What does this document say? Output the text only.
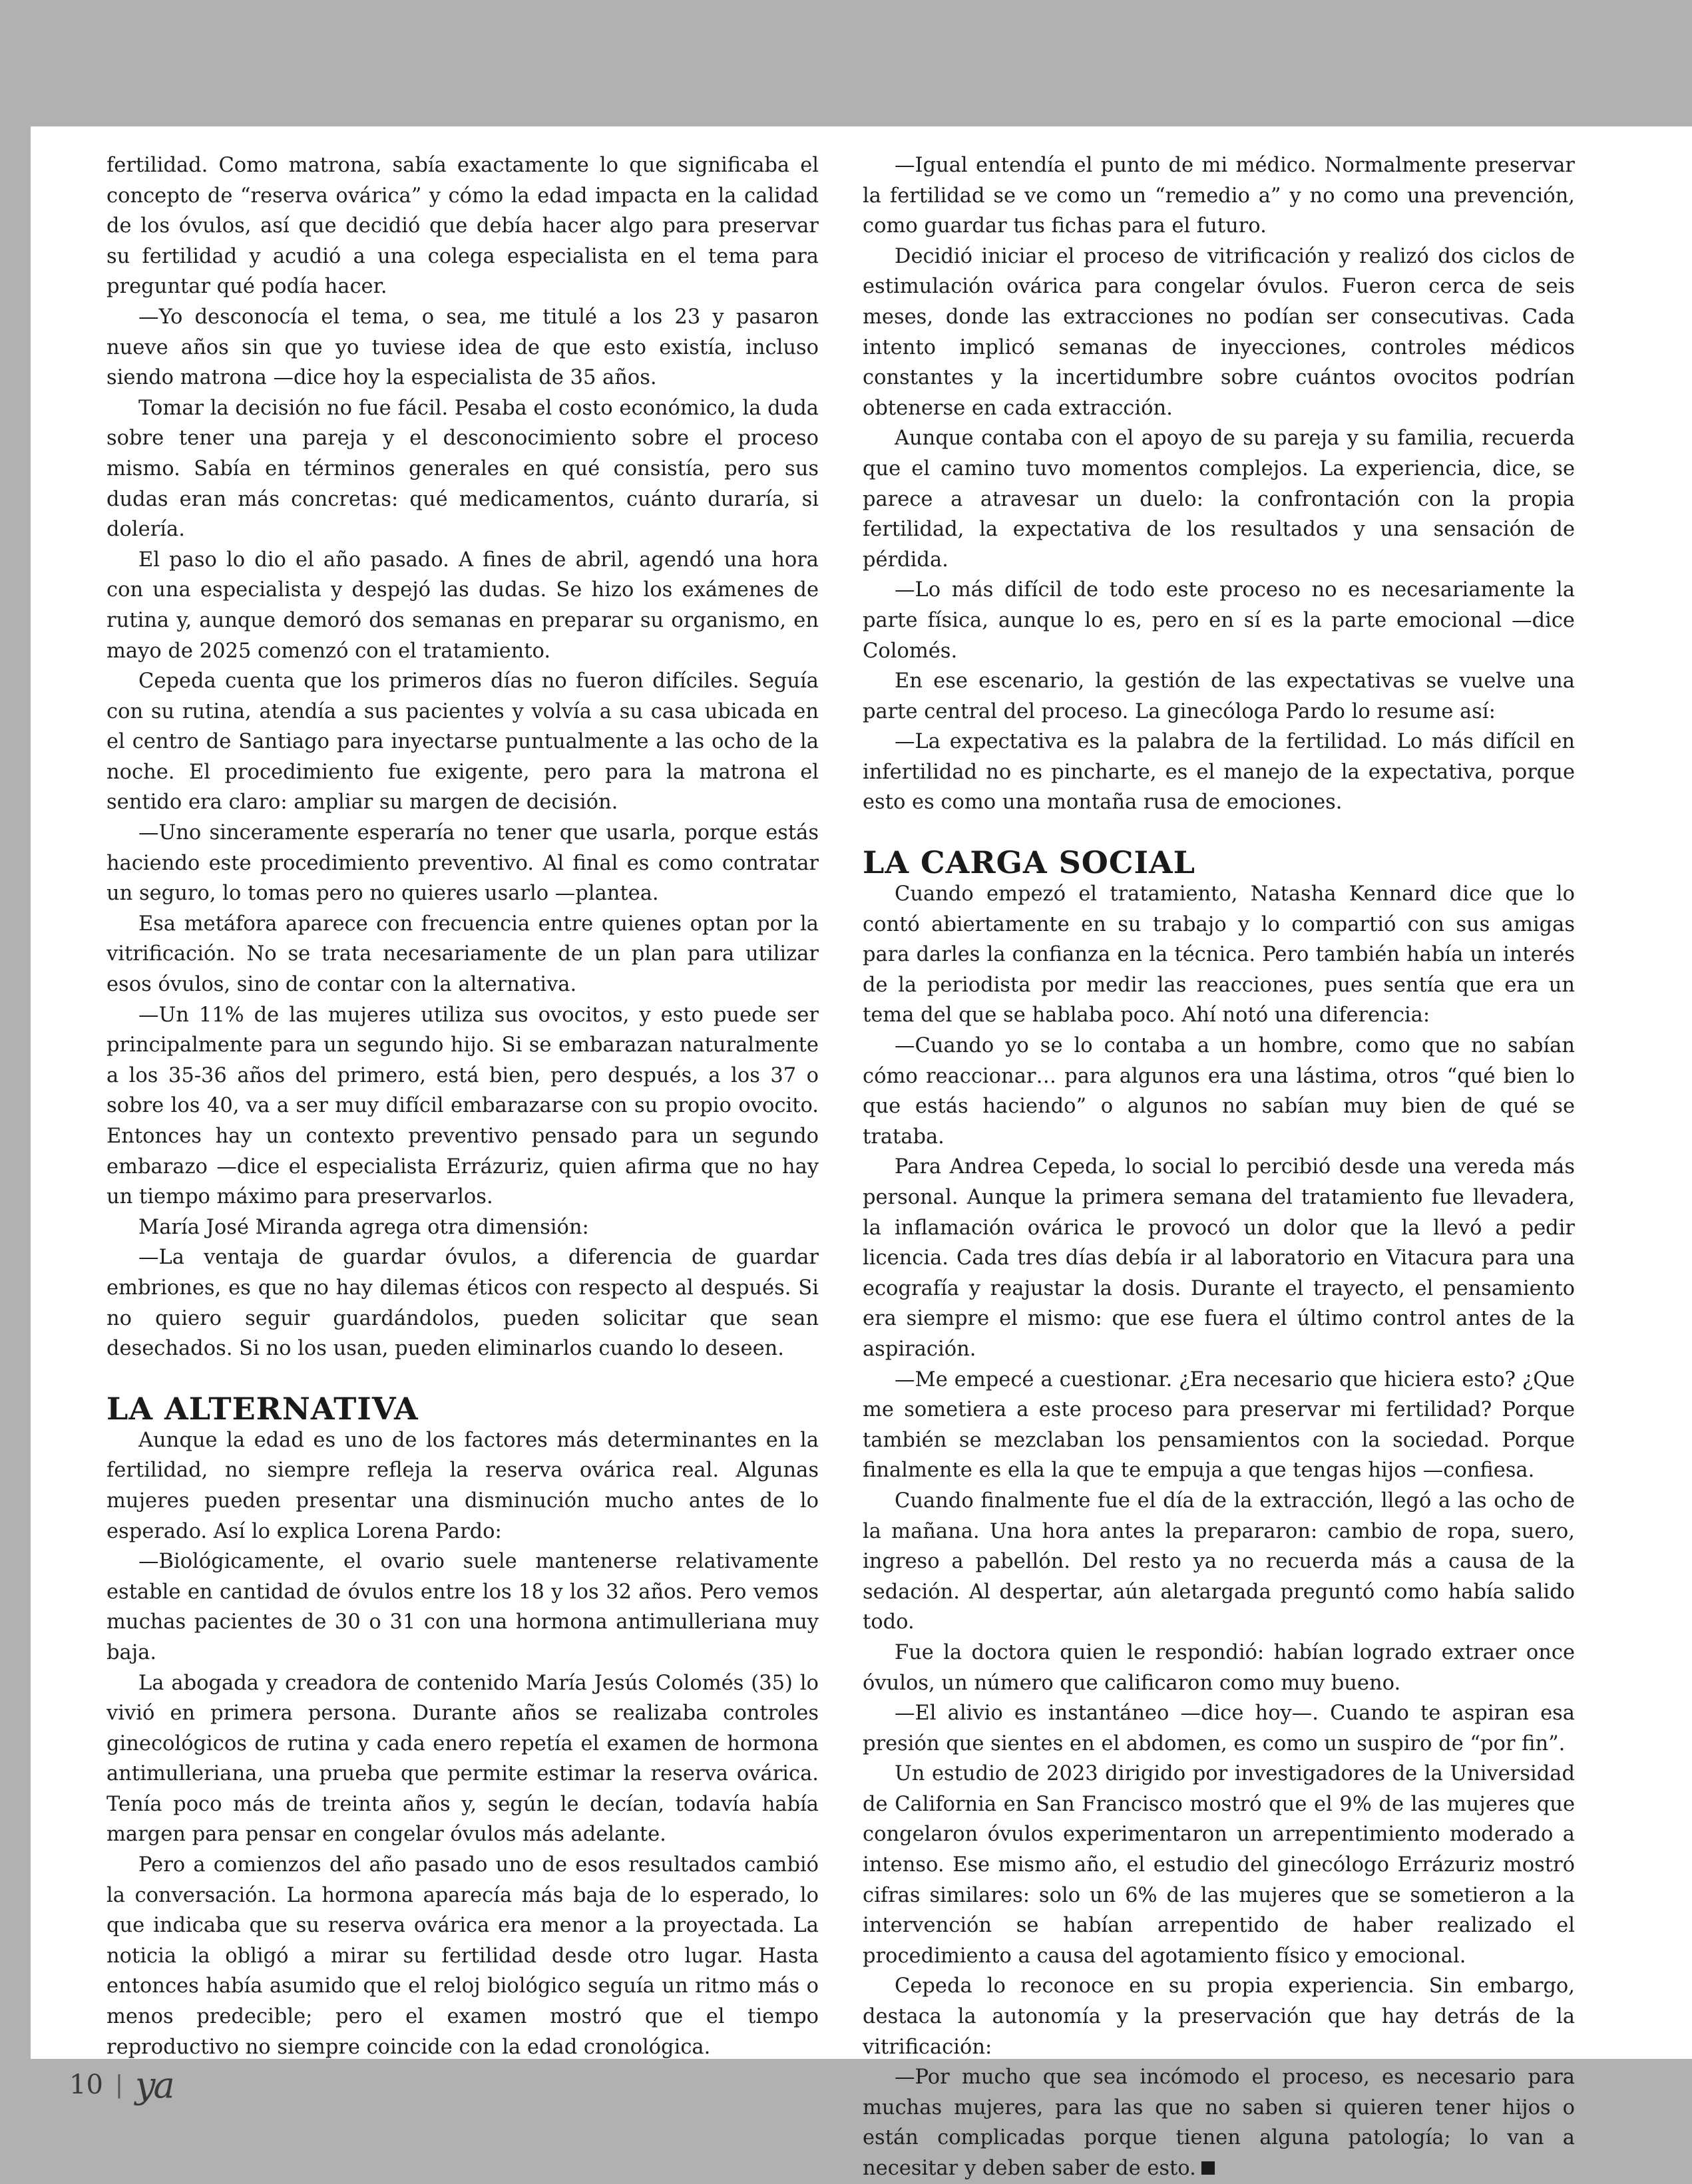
fertilidad. Como matrona, sabía exactamente lo que significaba el concepto de “reserva ovárica” y cómo la edad impacta en la calidad de los óvulos, así que decidió que debía hacer algo para preservar su fertilidad y acudió a una colega especialista en el tema para preguntar qué podía hacer.

—Yo desconocía el tema, o sea, me titulé a los 23 y pasaron nueve años sin que yo tuviese idea de que esto existía, incluso siendo matrona —dice hoy la especialista de 35 años.

Tomar la decisión no fue fácil. Pesaba el costo económico, la duda sobre tener una pareja y el desconocimiento sobre el proceso mismo. Sabía en términos generales en qué consistía, pero sus dudas eran más concretas: qué medicamentos, cuánto duraría, si dolería.

El paso lo dio el año pasado. A fines de abril, agendó una hora con una especialista y despejó las dudas. Se hizo los exámenes de rutina y, aunque demoró dos semanas en preparar su organismo, en mayo de 2025 comenzó con el tratamiento.

Cepeda cuenta que los primeros días no fueron difíciles. Seguía con su rutina, atendía a sus pacientes y volvía a su casa ubicada en el centro de Santiago para inyectarse puntualmente a las ocho de la noche. El procedimiento fue exigente, pero para la matrona el sentido era claro: ampliar su margen de decisión.

—Uno sinceramente esperaría no tener que usarla, porque estás haciendo este procedimiento preventivo. Al final es como contratar un seguro, lo tomas pero no quieres usarlo —plantea.

Esa metáfora aparece con frecuencia entre quienes optan por la vitrificación. No se trata necesariamente de un plan para utilizar esos óvulos, sino de contar con la alternativa.

—Un 11% de las mujeres utiliza sus ovocitos, y esto puede ser principalmente para un segundo hijo. Si se embarazan naturalmente a los 35-36 años del primero, está bien, pero después, a los 37 o sobre los 40, va a ser muy difícil embarazarse con su propio ovocito. Entonces hay un contexto preventivo pensado para un segundo embarazo —dice el especialista Errázuriz, quien afirma que no hay un tiempo máximo para preservarlos.

María José Miranda agrega otra dimensión:

—La ventaja de guardar óvulos, a diferencia de guardar embriones, es que no hay dilemas éticos con respecto al después. Si no quiero seguir guardándolos, pueden solicitar que sean desechados. Si no los usan, pueden eliminarlos cuando lo deseen.

LA ALTERNATIVA

Aunque la edad es uno de los factores más determinantes en la fertilidad, no siempre refleja la reserva ovárica real. Algunas mujeres pueden presentar una disminución mucho antes de lo esperado. Así lo explica Lorena Pardo:

—Biológicamente, el ovario suele mantenerse relativamente estable en cantidad de óvulos entre los 18 y los 32 años. Pero vemos muchas pacientes de 30 o 31 con una hormona antimulleriana muy baja.

La abogada y creadora de contenido María Jesús Colomés (35) lo vivió en primera persona. Durante años se realizaba controles ginecológicos de rutina y cada enero repetía el examen de hormona antimulleriana, una prueba que permite estimar la reserva ovárica. Tenía poco más de treinta años y, según le decían, todavía había margen para pensar en congelar óvulos más adelante.

Pero a comienzos del año pasado uno de esos resultados cambió la conversación. La hormona aparecía más baja de lo esperado, lo que indicaba que su reserva ovárica era menor a la proyectada. La noticia la obligó a mirar su fertilidad desde otro lugar. Hasta entonces había asumido que el reloj biológico seguía un ritmo más o menos predecible; pero el examen mostró que el tiempo reproductivo no siempre coincide con la edad cronológica.

—Igual entendía el punto de mi médico. Normalmente preservar la fertilidad se ve como un “remedio a” y no como una prevención, como guardar tus fichas para el futuro.

Decidió iniciar el proceso de vitrificación y realizó dos ciclos de estimulación ovárica para congelar óvulos. Fueron cerca de seis meses, donde las extracciones no podían ser consecutivas. Cada intento implicó semanas de inyecciones, controles médicos constantes y la incertidumbre sobre cuántos ovocitos podrían obtenerse en cada extracción.

Aunque contaba con el apoyo de su pareja y su familia, recuerda que el camino tuvo momentos complejos. La experiencia, dice, se parece a atravesar un duelo: la confrontación con la propia fertilidad, la expectativa de los resultados y una sensación de pérdida.

—Lo más difícil de todo este proceso no es necesariamente la parte física, aunque lo es, pero en sí es la parte emocional —dice Colomés.

En ese escenario, la gestión de las expectativas se vuelve una parte central del proceso. La ginecóloga Pardo lo resume así:

—La expectativa es la palabra de la fertilidad. Lo más difícil en infertilidad no es pincharte, es el manejo de la expectativa, porque esto es como una montaña rusa de emociones.

LA CARGA SOCIAL

Cuando empezó el tratamiento, Natasha Kennard dice que lo contó abiertamente en su trabajo y lo compartió con sus amigas para darles la confianza en la técnica. Pero también había un interés de la periodista por medir las reacciones, pues sentía que era un tema del que se hablaba poco. Ahí notó una diferencia:

—Cuando yo se lo contaba a un hombre, como que no sabían cómo reaccionar… para algunos era una lástima, otros “qué bien lo que estás haciendo” o algunos no sabían muy bien de qué se trataba.

Para Andrea Cepeda, lo social lo percibió desde una vereda más personal. Aunque la primera semana del tratamiento fue llevadera, la inflamación ovárica le provocó un dolor que la llevó a pedir licencia. Cada tres días debía ir al laboratorio en Vitacura para una ecografía y reajustar la dosis. Durante el trayecto, el pensamiento era siempre el mismo: que ese fuera el último control antes de la aspiración.

—Me empecé a cuestionar. ¿Era necesario que hiciera esto? ¿Que me sometiera a este proceso para preservar mi fertilidad? Porque también se mezclaban los pensamientos con la sociedad. Porque finalmente es ella la que te empuja a que tengas hijos —confiesa.

Cuando finalmente fue el día de la extracción, llegó a las ocho de la mañana. Una hora antes la prepararon: cambio de ropa, suero, ingreso a pabellón. Del resto ya no recuerda más a causa de la sedación. Al despertar, aún aletargada preguntó como había salido todo.

Fue la doctora quien le respondió: habían logrado extraer once óvulos, un número que calificaron como muy bueno.

—El alivio es instantáneo —dice hoy—. Cuando te aspiran esa presión que sientes en el abdomen, es como un suspiro de “por fin”.

Un estudio de 2023 dirigido por investigadores de la Universidad de California en San Francisco mostró que el 9% de las mujeres que congelaron óvulos experimentaron un arrepentimiento moderado a intenso. Ese mismo año, el estudio del ginecólogo Errázuriz mostró cifras similares: solo un 6% de las mujeres que se sometieron a la intervención se habían arrepentido de haber realizado el procedimiento a causa del agotamiento físico y emocional.

Cepeda lo reconoce en su propia experiencia. Sin embargo, destaca la autonomía y la preservación que hay detrás de la vitrificación:

—Por mucho que sea incómodo el proceso, es necesario para muchas mujeres, para las que no saben si quieren tener hijos o están complicadas porque tienen alguna patología; lo van a necesitar y deben saber de esto.

10 | ya
